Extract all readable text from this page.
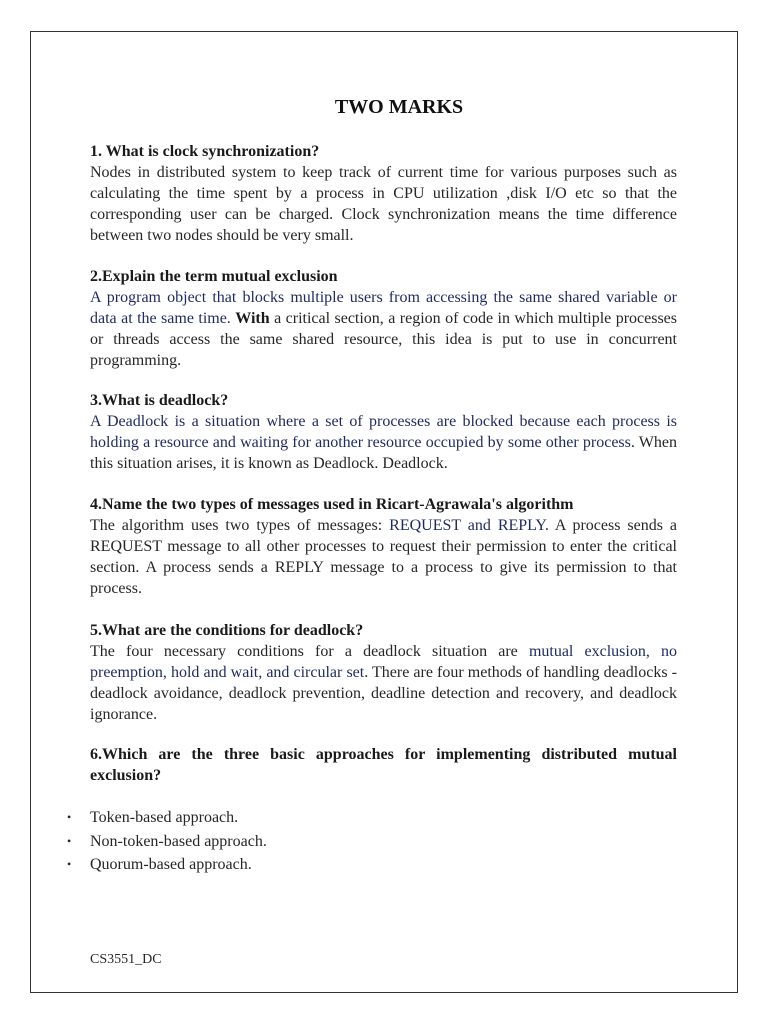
TWO MARKS

1. What is clock synchronization?

Nodes in distributed system to keep track of current time for various purposes such as calculating the time spent by a process in CPU utilization ,disk I/O etc so that the corresponding user can be charged. Clock synchronization means the time difference between two nodes should be very small.

2.Explain the term mutual exclusion

A program object that blocks multiple users from accessing the same shared variable or data at the same time. With a critical section, a region of code in which multiple processes or threads access the same shared resource, this idea is put to use in concurrent programming.

3.What is deadlock?

A Deadlock is a situation where a set of processes are blocked because each process is holding a resource and waiting for another resource occupied by some other process. When this situation arises, it is known as Deadlock. Deadlock.

4.Name the two types of messages used in Ricart-Agrawala's algorithm

The algorithm uses two types of messages: REQUEST and REPLY. A process sends a REQUEST message to all other processes to request their permission to enter the critical section. A process sends a REPLY message to a process to give its permission to that process.

5.What are the conditions for deadlock?

The four necessary conditions for a deadlock situation are mutual exclusion, no preemption, hold and wait, and circular set. There are four methods of handling deadlocks - deadlock avoidance, deadlock prevention, deadline detection and recovery, and deadlock ignorance.

6.Which are the three basic approaches for implementing distributed mutual exclusion?

• Token-based approach.
• Non-token-based approach.
• Quorum-based approach.
CS3551_DC
